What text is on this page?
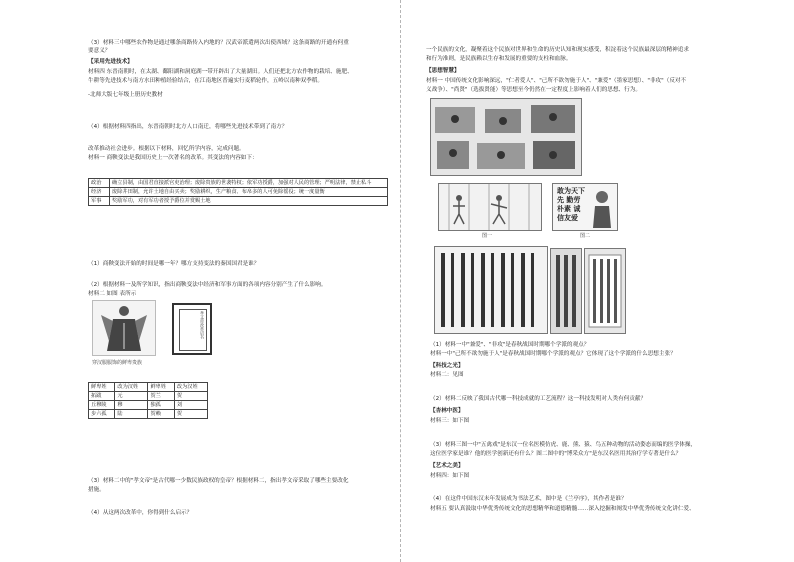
（3）材料三中哪些农作物是通过哪条商路传入内地的？汉武帝派遣两次出使西域？这条商路的开通有何重
要意义？
【采用先进技术】
材料四 东晋南朝时，在太湖、鄱阳湖和洞庭湖一带开辟出了大量湖田。人们还把北方农作物的栽培、施肥、
牛耕等先进技术与南方水田种植经验结合，在江南地区普遍实行麦稻轮作，五岭以南种双季稻。
-北师大版七年级上册历史教材
（4）根据材料四指出，东晋南朝时北方人口南迁，将哪些先进技术带到了南方？
改革推动社会进步。根据以下材料，回忆所学内容，完成问题。
材料一 商鞅变法是我国历史上一次著名的改革。其变法的内容如下：
政治	确立县制，由国君直接派官吏治理；废除贵族的世袭特权；依军功授爵，加强对人民的管理；严明法律，禁止私斗
经济	废除井田制，允许土地自由买卖；奖励耕织，生产粮食、布帛多的人可免除徭役；统一度量衡
军事	奖励军功，对有军功者授予爵位并赏赐土地
（1）商鞅变法开始的时间是哪一年？哪方支持变法的秦国国君是谁？
（2）根据材料一及所学知识，指出商鞅变法中经济和军事方面的各项内容分别产生了什么影响。
材料二 如图 表所示
穿汉服服饰的鲜卑贵族
孝文帝改革诏书
鲜卑姓	改为汉姓	鲜卑姓	改为汉姓
拓跋	元	贺兰	贺
丘穆陵	穆	独孤	刘
步六孤	陆	贺赖	贺
（3）材料二中的"孝文帝"是古代哪一少数民族政权的皇帝？根据材料二，指出孝文帝采取了哪些主要改化
措施。
（4）从这两次改革中，你得到什么启示？
一个民族的文化，凝聚着这个民族对世界和生命的历史认知和现实感受，积淀着这个民族最深层的精神追求
和行为准则，是民族赖以生存和发展的重要的支柱和血脉。
【思想智慧】
材料一 中国传统文化影响深远，"仁者爱人"、"己所不欲勿施于人"、"兼爱"（墨家思想）、"非攻"（反对不
义战争）、"尚贤"（选拔贤能）等思想至今仍然在一定程度上影响着人们的思想、行为。
图一
敢为天下先 勤劳朴素 诚信友爱
图二
（1）材料一中"兼爱"、"非攻"是春秋战国时期哪个学派的观点？
材料一中"己所不欲勿施于人"是春秋战国时期哪个学派的观点？它体现了这个学派的什么思想主张？
【科技之光】
材料二：见图
（2）材料二反映了我国古代哪一科技成就的工艺流程？这一科技发明对人类有何贡献？
【杏林中医】
材料三：如下图
（3）材料三图一中"五禽戏"是东汉一位名医模仿虎、鹿、熊、猿、鸟五种动物的活动姿态而编的医学体操，
这位医学家是谁？他的医学创新还有什么？图二图中的"博采众方"是东汉名医用其治疗学专著是什么？
【艺术之美】
材料四：如下图
（4）在这件中国东汉末年发展成为书法艺术，图中是《兰亭序》，其作者是谁？
材料五 要认真汲取中华优秀传统文化的思想精华和道德精髓……深入挖掘和阐发中华优秀传统文化讲仁爱、
